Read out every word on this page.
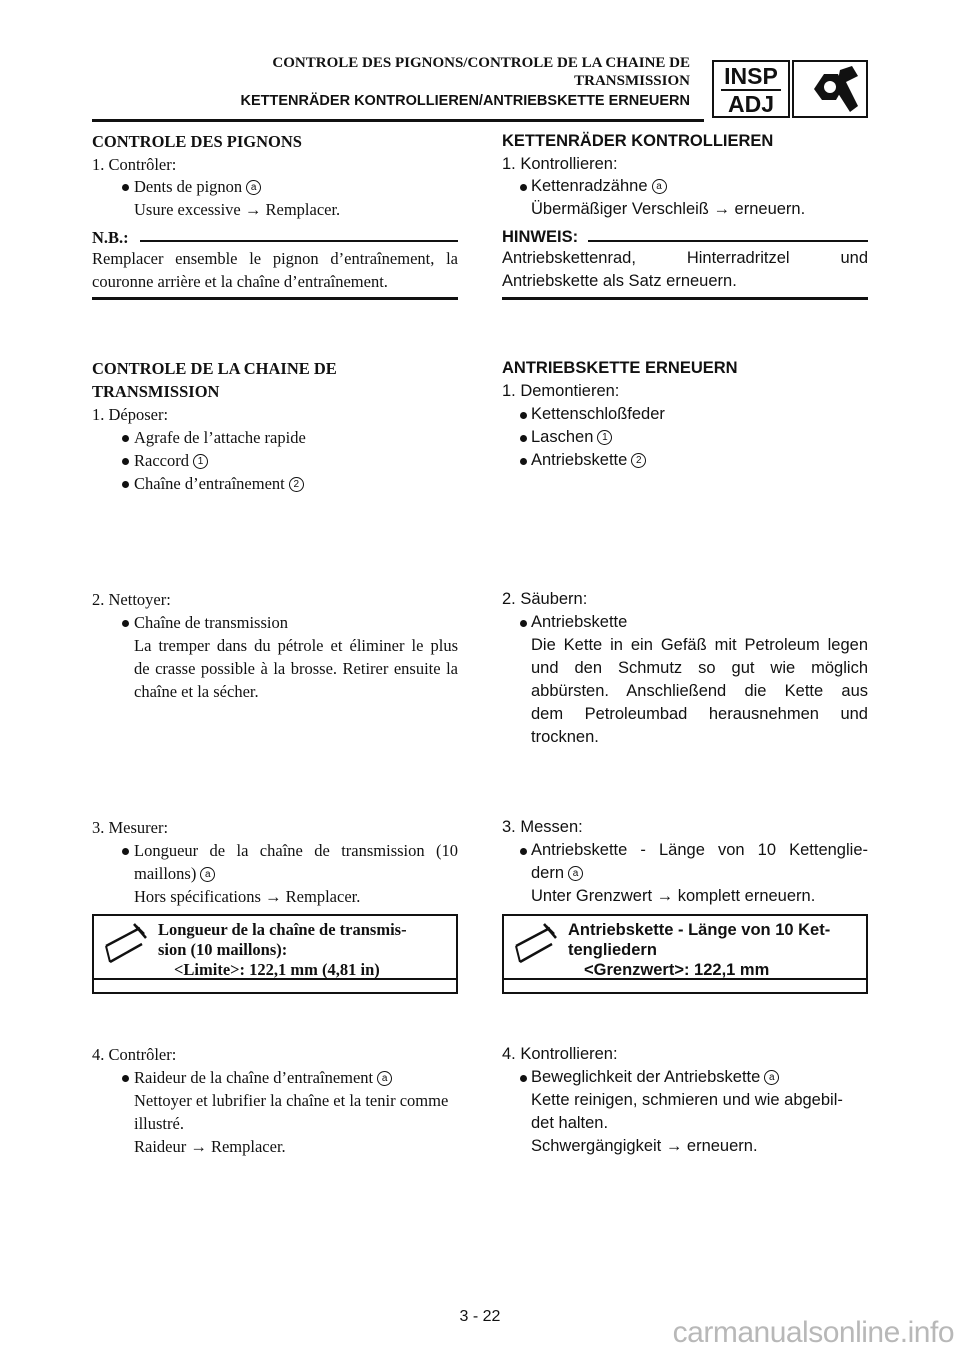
CONTROLE DES PIGNONS/CONTROLE DE LA CHAINE DE
TRANSMISSION
KETTENRÄDER KONTROLLIEREN/ANTRIEBSKETTE ERNEUERN
INSP
ADJ
CONTROLE DES PIGNONS
1. Contrôler:
Dents de pignon a
Usure excessive → Remplacer.
N.B.:
Remplacer ensemble le pignon d’entraînement, la
couronne arrière et la chaîne d’entraînement.
CONTROLE DE LA CHAINE DE
TRANSMISSION
1. Déposer:
Agrafe de l’attache rapide
Raccord 1
Chaîne d’entraînement 2
2. Nettoyer:
Chaîne de transmission
La tremper dans du pétrole et éliminer le plus
de crasse possible à la brosse. Retirer ensuite la
chaîne et la sécher.
3. Mesurer:
Longueur de la chaîne de transmission (10
maillons) a
Hors spécifications → Remplacer.
Longueur de la chaîne de transmis-
sion (10 maillons):
<Limite>: 122,1 mm (4,81 in)
4. Contrôler:
Raideur de la chaîne d’entraînement a
Nettoyer et lubrifier la chaîne et la tenir comme
illustré.
Raideur → Remplacer.
KETTENRÄDER KONTROLLIEREN
1. Kontrollieren:
Kettenradzähne a
Übermäßiger Verschleiß → erneuern.
HINWEIS:
Antriebskettenrad, Hinterradritzel und
Antriebskette als Satz erneuern.
ANTRIEBSKETTE ERNEUERN
1. Demontieren:
Kettenschloßfeder
Laschen 1
Antriebskette 2
2. Säubern:
Antriebskette
Die Kette in ein Gefäß mit Petroleum legen
und den Schmutz so gut wie möglich
abbürsten. Anschließend die Kette aus
dem Petroleumbad herausnehmen und
trocknen.
3. Messen:
Antriebskette - Länge von 10 Kettenglie-
dern a
Unter Grenzwert → komplett erneuern.
Antriebskette - Länge von 10 Ket-
tengliedern
<Grenzwert>: 122,1 mm
4. Kontrollieren:
Beweglichkeit der Antriebskette a
Kette reinigen, schmieren und wie abgebil-
det halten.
Schwergängigkeit → erneuern.
3 - 22	carmanualsonline.info
